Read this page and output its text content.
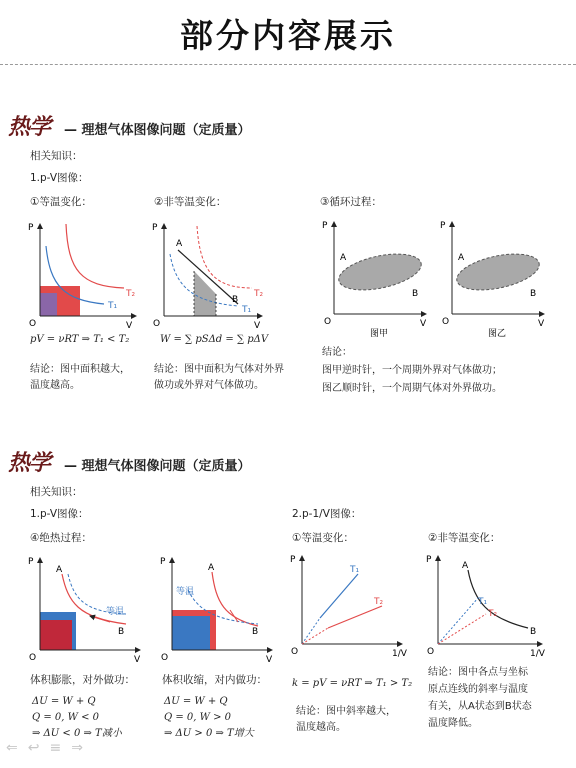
部分内容展示
热学 — 理想气体图像问题（定质量）
相关知识：
1.p-V图像：
①等温变化：	②非等温变化：	③循环过程：
P
V
O
T₂
T₁
P
V
O
A
B
T₂
T₁
P
V
O
A
B
图甲
P
V
O
A
B
图乙
pV = νRT ⇒ T₁ < T₂	W = ∑ pSΔd = ∑ pΔV
结论：图中面积越大，
温度越高。
结论：图中面积为气体对外界
做功或外界对气体做功。
结论：
图甲逆时针，一个周期外界对气体做功；
图乙顺时针，一个周期气体对外界做功。
热学 — 理想气体图像问题（定质量）
相关知识：
1.p-V图像：	2.p-1/V图像：
④绝热过程：	①等温变化：	②非等温变化：
P
V
O
A
B
等温
P
V
O
A
B
等温
P
1/V
O
T₁
T₂
P
1/V
O
A
B
T₁
T₂
体积膨胀，对外做功：	体积收缩，对内做功：
ΔU = W + Q
Q = 0, W < 0
⇒ ΔU < 0 ⇒ T减小
ΔU = W + Q
Q = 0, W > 0
⇒ ΔU > 0 ⇒ T增大
k = pV = νRT ⇒ T₁ > T₂
结论：图中斜率越大，
温度越高。
结论：图中各点与坐标
原点连线的斜率与温度
有关，从A状态到B状态
温度降低。
⇐ ↩ ≡ ⇒
